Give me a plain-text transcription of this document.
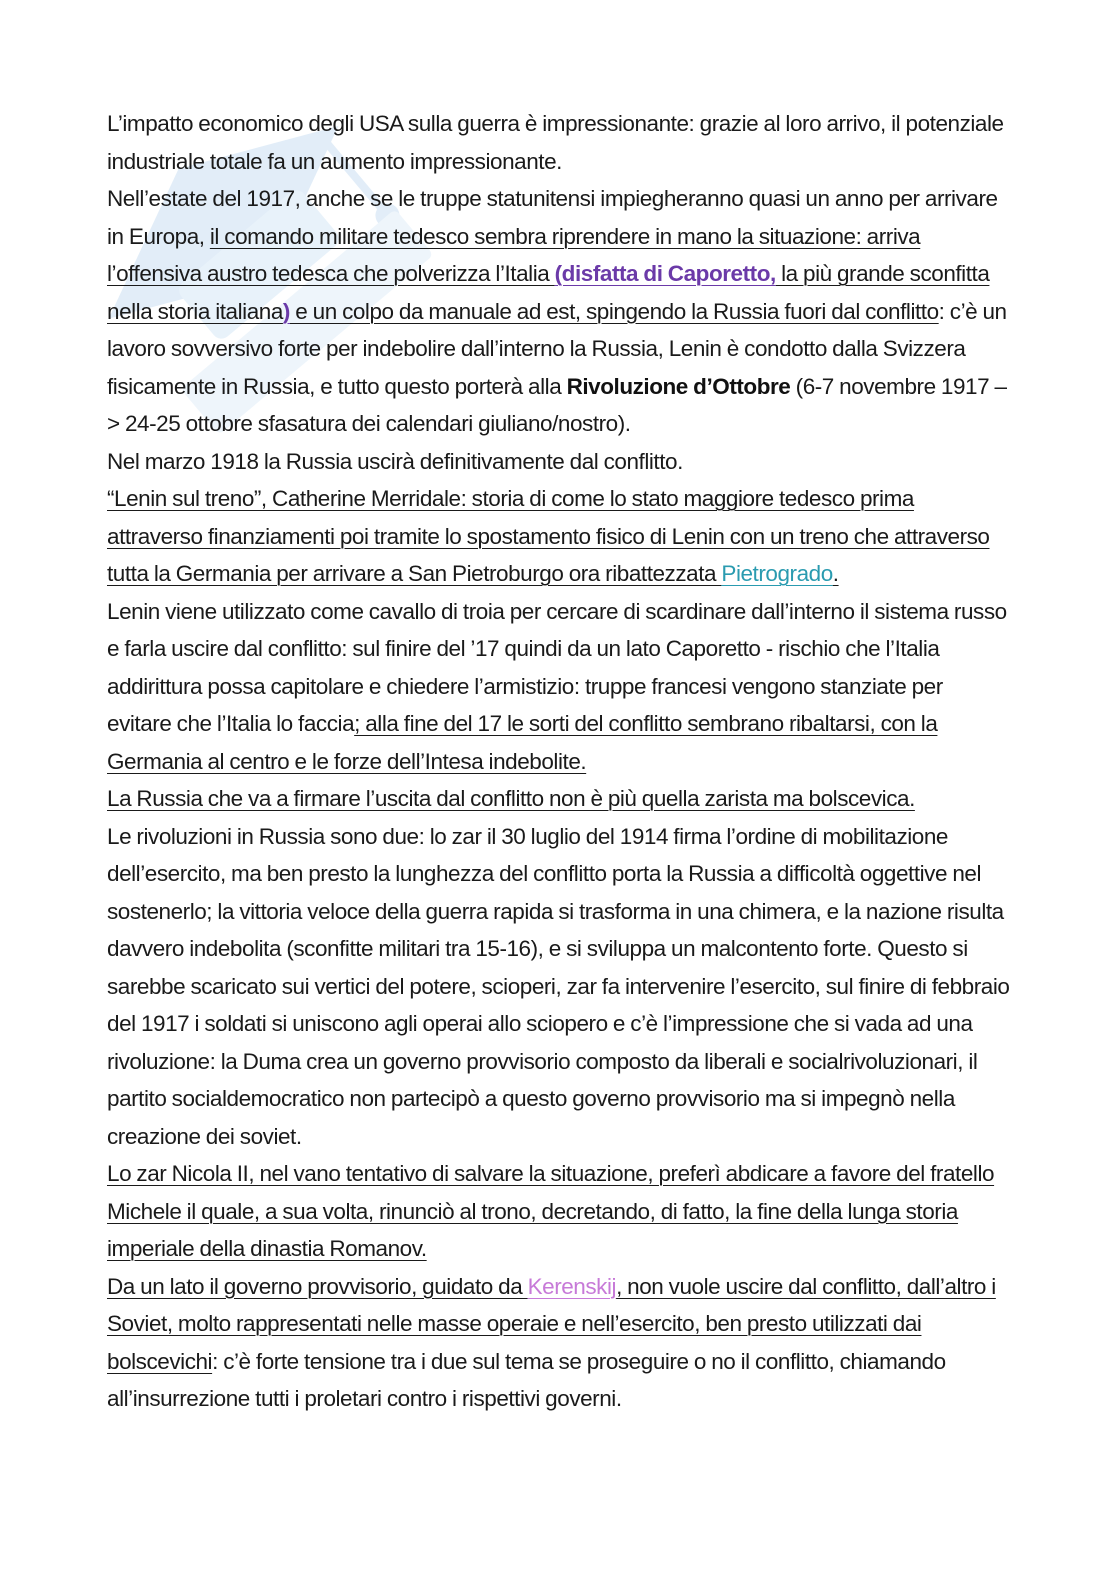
L’impatto economico degli USA sulla guerra è impressionante: grazie al loro arrivo, il potenziale industriale totale fa un aumento impressionante.

Nell’estate del 1917, anche se le truppe statunitensi impiegheranno quasi un anno per arrivare in Europa, il comando militare tedesco sembra riprendere in mano la situazione: arriva l’offensiva austro tedesca che polverizza l’Italia (disfatta di Caporetto, la più grande sconfitta nella storia italiana) e un colpo da manuale ad est, spingendo la Russia fuori dal conflitto: c’è un lavoro sovversivo forte per indebolire dall’interno la Russia, Lenin è condotto dalla Svizzera fisicamente in Russia, e tutto questo porterà alla Rivoluzione d’Ottobre (6-7 novembre 1917 –> 24-25 ottobre sfasatura dei calendari giuliano/nostro).

Nel marzo 1918 la Russia uscirà definitivamente dal conflitto.

“Lenin sul treno”, Catherine Merridale: storia di come lo stato maggiore tedesco prima attraverso finanziamenti poi tramite lo spostamento fisico di Lenin con un treno che attraverso tutta la Germania per arrivare a San Pietroburgo ora ribattezzata Pietrogrado.

Lenin viene utilizzato come cavallo di troia per cercare di scardinare dall’interno il sistema russo e farla uscire dal conflitto: sul finire del ’17 quindi da un lato Caporetto - rischio che l’Italia addirittura possa capitolare e chiedere l’armistizio: truppe francesi vengono stanziate per evitare che l’Italia lo faccia; alla fine del 17 le sorti del conflitto sembrano ribaltarsi, con la Germania al centro e le forze dell’Intesa indebolite.

La Russia che va a firmare l’uscita dal conflitto non è più quella zarista ma bolscevica.

Le rivoluzioni in Russia sono due: lo zar il 30 luglio del 1914 firma l’ordine di mobilitazione dell’esercito, ma ben presto la lunghezza del conflitto porta la Russia a difficoltà oggettive nel sostenerlo; la vittoria veloce della guerra rapida si trasforma in una chimera, e la nazione risulta davvero indebolita (sconfitte militari tra 15-16), e si sviluppa un malcontento forte. Questo si sarebbe scaricato sui vertici del potere, scioperi, zar fa intervenire l’esercito, sul finire di febbraio del 1917 i soldati si uniscono agli operai allo sciopero e c’è l’impressione che si vada ad una rivoluzione: la Duma crea un governo provvisorio composto da liberali e socialrivoluzionari, il partito socialdemocratico non partecipò a questo governo provvisorio ma si impegnò nella creazione dei soviet.

Lo zar Nicola II, nel vano tentativo di salvare la situazione, preferì abdicare a favore del fratello Michele il quale, a sua volta, rinunciò al trono, decretando, di fatto, la fine della lunga storia imperiale della dinastia Romanov.

Da un lato il governo provvisorio, guidato da Kerenskij, non vuole uscire dal conflitto, dall’altro i Soviet, molto rappresentati nelle masse operaie e nell’esercito, ben presto utilizzati dai bolscevichi: c’è forte tensione tra i due sul tema se proseguire o no il conflitto, chiamando all’insurrezione tutti i proletari contro i rispettivi governi.
